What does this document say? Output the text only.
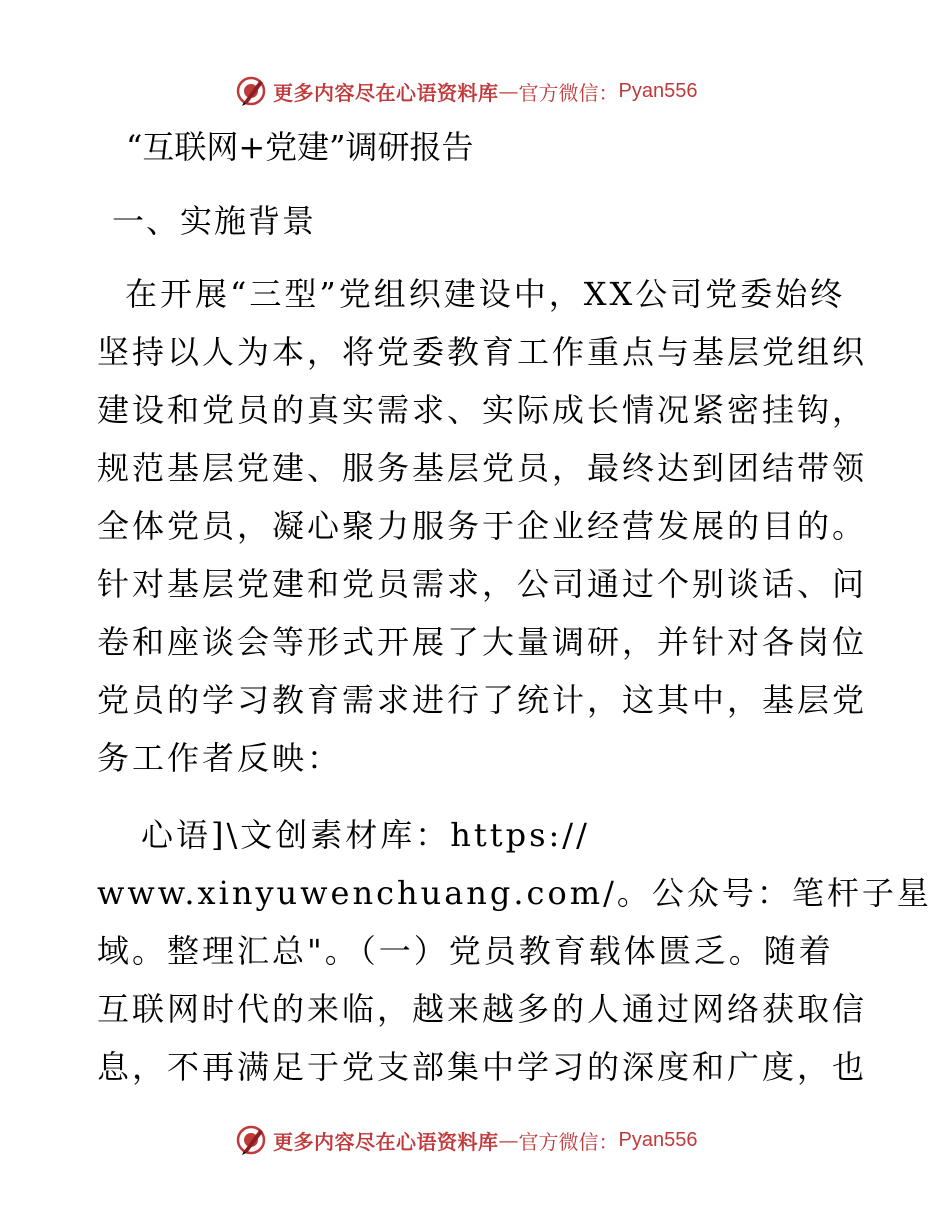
更多内容尽在心语资料库 — 官方微信： Pyan556
“互联网+党建”调研报告
一、实施背景
在开展“三型”党组织建设中，XX公司党委始终
坚持以人为本，将党委教育工作重点与基层党组织
建设和党员的真实需求、实际成长情况紧密挂钩，
规范基层党建、服务基层党员，最终达到团结带领
全体党员，凝心聚力服务于企业经营发展的目的。
针对基层党建和党员需求，公司通过个别谈话、问
卷和座谈会等形式开展了大量调研，并针对各岗位
党员的学习教育需求进行了统计，这其中，基层党
务工作者反映：
心语]\文创素材库：https://
www.xinyuwenchuang.com/。公众号：笔杆子星
域。整理汇总"。（一）党员教育载体匮乏。随着
互联网时代的来临，越来越多的人通过网络获取信
息，不再满足于党支部集中学习的深度和广度，也
更多内容尽在心语资料库 — 官方微信： Pyan556
